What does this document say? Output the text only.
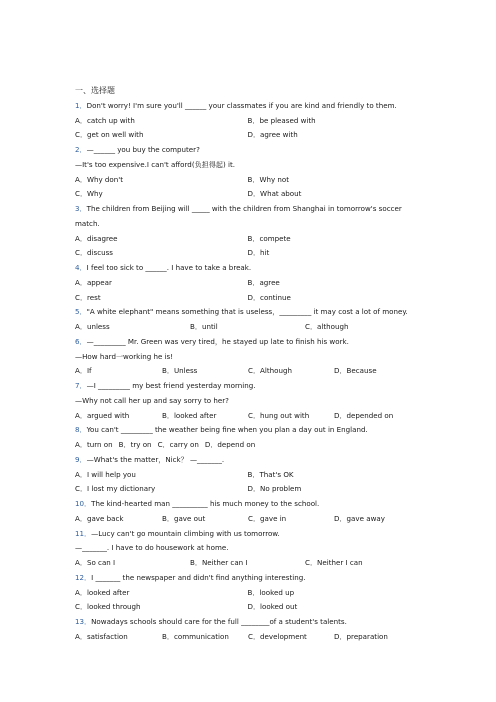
一、选择题
1．Don't worry! I'm sure you'll ______ your classmates if you are kind and friendly to them.
A．catch up with	B．be pleased with
C．get on well with	D．agree with
2．—______ you buy the computer?
—It's too expensive.I can't afford(负担得起) it.
A．Why don't	B．Why not
C．Why	D．What about
3．The children from Beijing will _____ with the children from Shanghai in tomorrow's soccer match.
A．disagree	B．compete
C．discuss	D．hit
4．I feel too sick to ______. I have to take a break.
A．appear	B．agree
C．rest	D．continue
5．"A white elephant" means something that is useless，_________ it may cost a lot of money.
A．unless	B．until	C．although
6．—_________ Mr. Green was very tired，he stayed up late to finish his work.
—How hard一working he is!
A．If	B．Unless	C．Although	D．Because
7．—I _________ my best friend yesterday morning.
—Why not call her up and say sorry to her?
A．argued with	B．looked after	C．hung out with	D．depended on
8．You can't _________ the weather being fine when you plan a day out in England.
A．turn on B．try on C．carry on D．depend on
9．—What's the matter，Nick？ —_______.
A．I will help you	B．That's OK
C．I lost my dictionary	D．No problem
10．The kind-hearted man __________ his much money to the school.
A．gave back	B．gave out	C．gave in	D．gave away
11．—Lucy can't go mountain climbing with us tomorrow.
—_______. I have to do housework at home.
A．So can I	B．Neither can I	C．Neither I can
12．I _______ the newspaper and didn't find anything interesting.
A．looked after	B．looked up
C．looked through	D．looked out
13．Nowadays schools should care for the full ________of a student's talents.
A．satisfaction	B．communication	C．development	D．preparation
